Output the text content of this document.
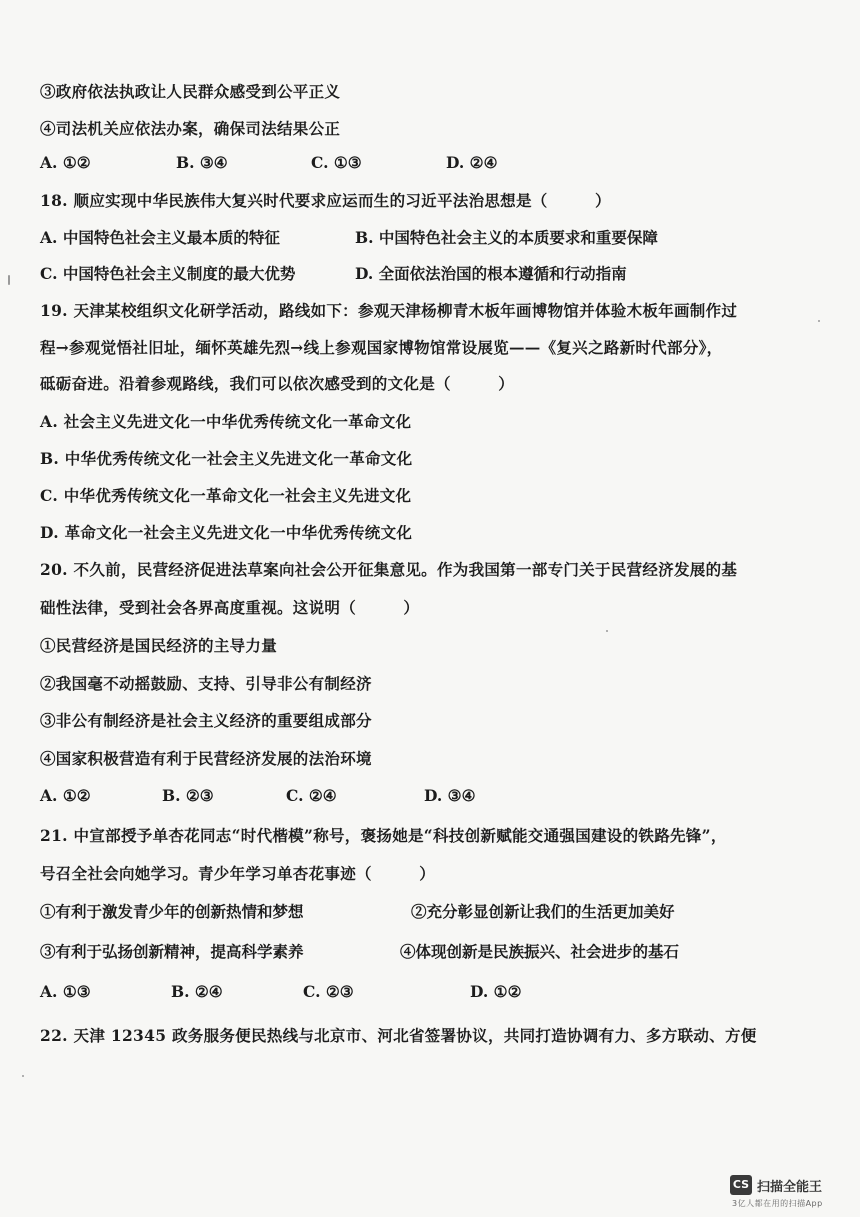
③政府依法执政让人民群众感受到公平正义
④司法机关应依法办案，确保司法结果公正
A. ①②	B. ③④	C. ①③	D. ②④
18. 顺应实现中华民族伟大复兴时代要求应运而生的习近平法治思想是（　　　）
A. 中国特色社会主义最本质的特征	B. 中国特色社会主义的本质要求和重要保障
C. 中国特色社会主义制度的最大优势	D. 全面依法治国的根本遵循和行动指南
19. 天津某校组织文化研学活动，路线如下：参观天津杨柳青木板年画博物馆并体验木板年画制作过
程→参观觉悟社旧址，缅怀英雄先烈→线上参观国家博物馆常设展览——《复兴之路新时代部分》，
砥砺奋进。沿着参观路线，我们可以依次感受到的文化是（　　　）
A. 社会主义先进文化一中华优秀传统文化一革命文化
B. 中华优秀传统文化一社会主义先进文化一革命文化
C. 中华优秀传统文化一革命文化一社会主义先进文化
D. 革命文化一社会主义先进文化一中华优秀传统文化
20. 不久前，民营经济促进法草案向社会公开征集意见。作为我国第一部专门关于民营经济发展的基
础性法律，受到社会各界高度重视。这说明（　　　）
①民营经济是国民经济的主导力量
②我国毫不动摇鼓励、支持、引导非公有制经济
③非公有制经济是社会主义经济的重要组成部分
④国家积极营造有利于民营经济发展的法治环境
A. ①②	B. ②③	C. ②④	D. ③④
21. 中宣部授予单杏花同志“时代楷模”称号，褒扬她是“科技创新赋能交通强国建设的铁路先锋”，
号召全社会向她学习。青少年学习单杏花事迹（　　　）
①有利于激发青少年的创新热情和梦想	②充分彰显创新让我们的生活更加美好
③有利于弘扬创新精神，提高科学素养	④体现创新是民族振兴、社会进步的基石
A. ①③	B. ②④	C. ②③	D. ①②
22. 天津 12345 政务服务便民热线与北京市、河北省签署协议，共同打造协调有力、多方联动、方便
CS 扫描全能王
3亿人都在用的扫描App
